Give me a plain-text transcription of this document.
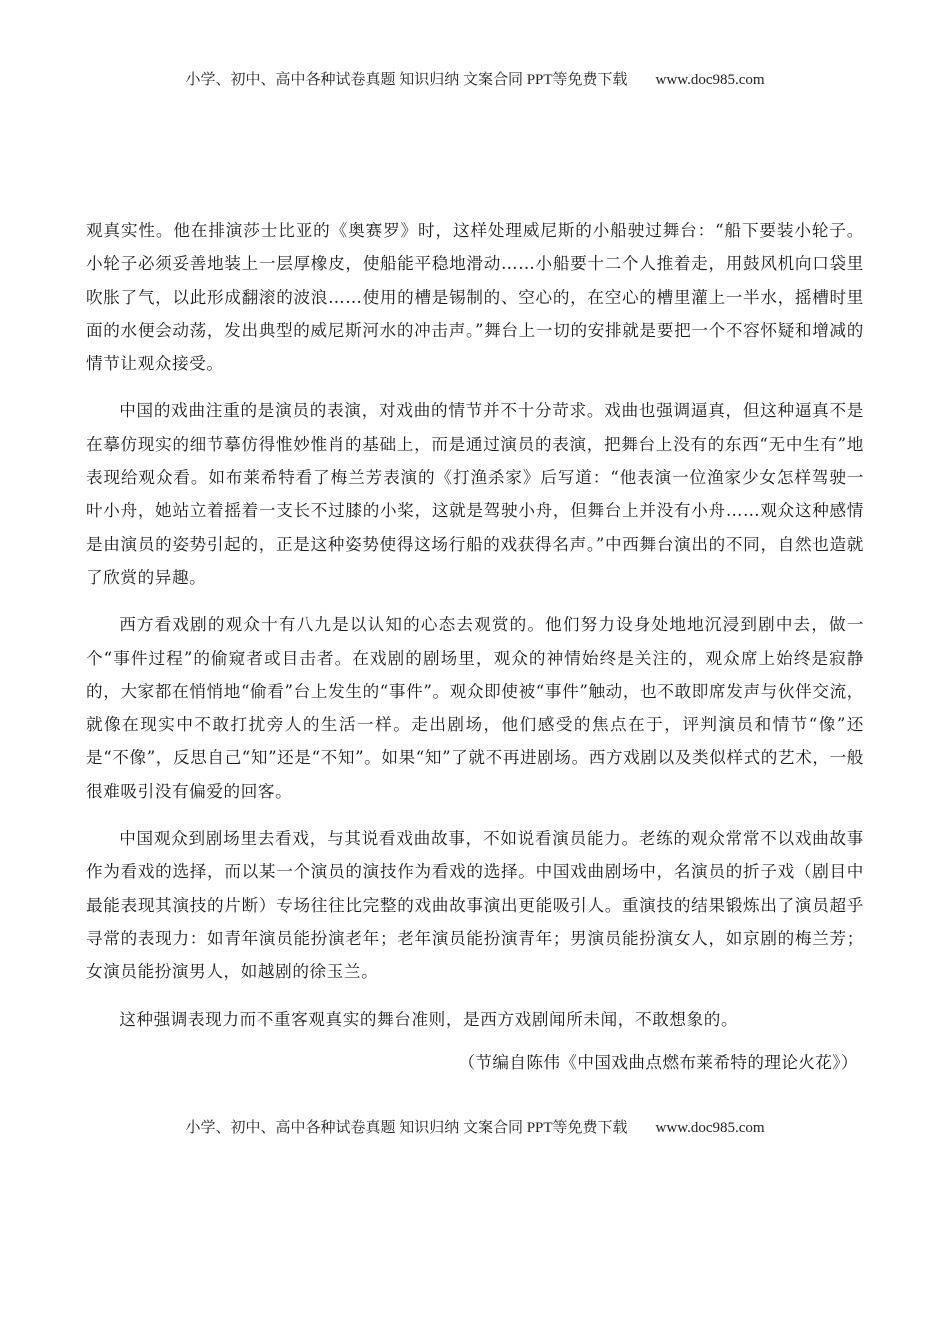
小学、初中、高中各种试卷真题 知识归纳 文案合同 PPT等免费下载 www.doc985.com

观真实性。他在排演莎士比亚的《奥赛罗》时，这样处理威尼斯的小船驶过舞台：“船下要装小轮子。小轮子必须妥善地装上一层厚橡皮，使船能平稳地滑动……小船要十二个人推着走，用鼓风机向口袋里吹胀了气，以此形成翻滚的波浪……使用的槽是锡制的、空心的，在空心的槽里灌上一半水，摇槽时里面的水便会动荡，发出典型的威尼斯河水的冲击声。”舞台上一切的安排就是要把一个不容怀疑和增减的情节让观众接受。

中国的戏曲注重的是演员的表演，对戏曲的情节并不十分苛求。戏曲也强调逼真，但这种逼真不是在摹仿现实的细节摹仿得惟妙惟肖的基础上，而是通过演员的表演，把舞台上没有的东西“无中生有”地表现给观众看。如布莱希特看了梅兰芳表演的《打渔杀家》后写道：“他表演一位渔家少女怎样驾驶一叶小舟，她站立着摇着一支长不过膝的小桨，这就是驾驶小舟，但舞台上并没有小舟……观众这种感情是由演员的姿势引起的，正是这种姿势使得这场行船的戏获得名声。”中西舞台演出的不同，自然也造就了欣赏的异趣。

西方看戏剧的观众十有八九是以认知的心态去观赏的。他们努力设身处地地沉浸到剧中去，做一个“事件过程”的偷窥者或目击者。在戏剧的剧场里，观众的神情始终是关注的，观众席上始终是寂静的，大家都在悄悄地“偷看”台上发生的“事件”。观众即使被“事件”触动，也不敢即席发声与伙伴交流，就像在现实中不敢打扰旁人的生活一样。走出剧场，他们感受的焦点在于，评判演员和情节“像”还是“不像”，反思自己“知”还是“不知”。如果“知”了就不再进剧场。西方戏剧以及类似样式的艺术，一般很难吸引没有偏爱的回客。

中国观众到剧场里去看戏，与其说看戏曲故事，不如说看演员能力。老练的观众常常不以戏曲故事作为看戏的选择，而以某一个演员的演技作为看戏的选择。中国戏曲剧场中，名演员的折子戏（剧目中最能表现其演技的片断）专场往往比完整的戏曲故事演出更能吸引人。重演技的结果锻炼出了演员超乎寻常的表现力：如青年演员能扮演老年；老年演员能扮演青年；男演员能扮演女人，如京剧的梅兰芳；女演员能扮演男人，如越剧的徐玉兰。

这种强调表现力而不重客观真实的舞台准则，是西方戏剧闻所未闻，不敢想象的。

（节编自陈伟《中国戏曲点燃布莱希特的理论火花》）

小学、初中、高中各种试卷真题 知识归纳 文案合同 PPT等免费下载 www.doc985.com
